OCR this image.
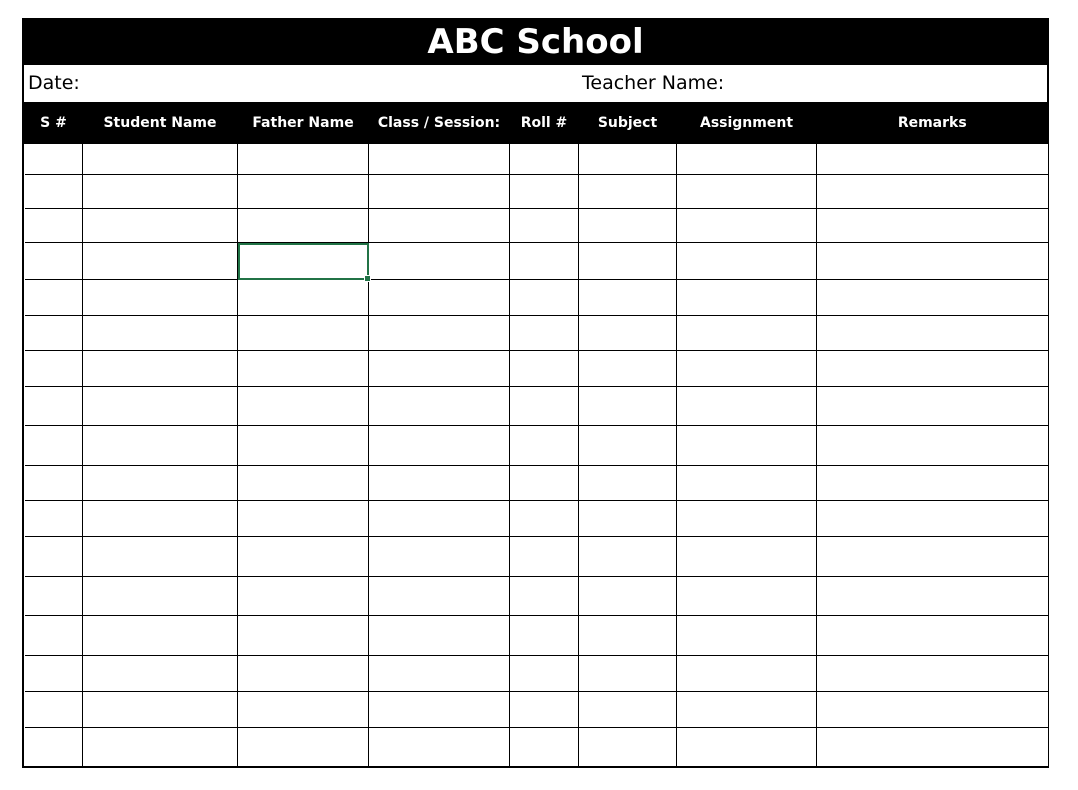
ABC School
Date:	Teacher Name:
S #	Student Name	Father Name	Class / Session:	Roll #	Subject	Assignment	Remarks
